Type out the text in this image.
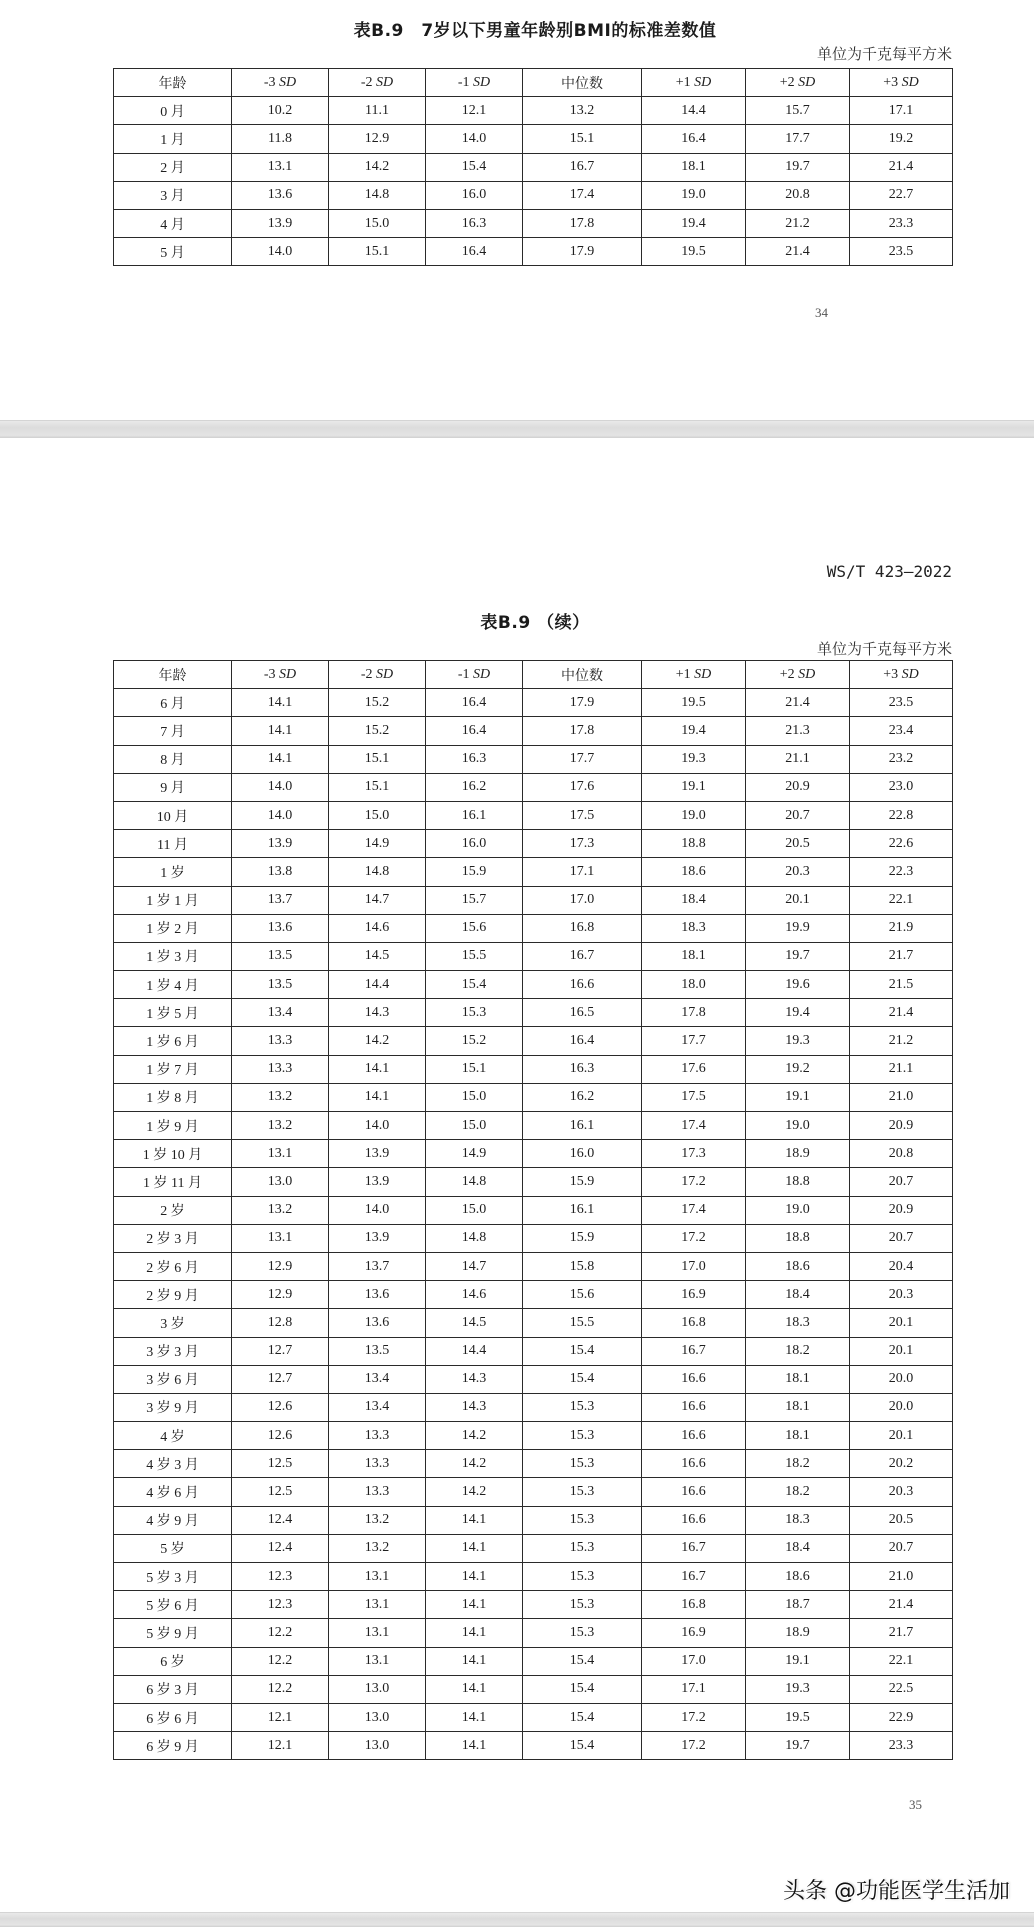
表B.9　7岁以下男童年龄别BMI的标准差数值
单位为千克每平方米
年龄	-3 SD	-2 SD	-1 SD	中位数	+1 SD	+2 SD	+3 SD
0 月	10.2	11.1	12.1	13.2	14.4	15.7	17.1
1 月	11.8	12.9	14.0	15.1	16.4	17.7	19.2
2 月	13.1	14.2	15.4	16.7	18.1	19.7	21.4
3 月	13.6	14.8	16.0	17.4	19.0	20.8	22.7
4 月	13.9	15.0	16.3	17.8	19.4	21.2	23.3
5 月	14.0	15.1	16.4	17.9	19.5	21.4	23.5
34
WS/T 423—2022
表B.9 （续）
单位为千克每平方米
年龄	-3 SD	-2 SD	-1 SD	中位数	+1 SD	+2 SD	+3 SD
6 月	14.1	15.2	16.4	17.9	19.5	21.4	23.5
7 月	14.1	15.2	16.4	17.8	19.4	21.3	23.4
8 月	14.1	15.1	16.3	17.7	19.3	21.1	23.2
9 月	14.0	15.1	16.2	17.6	19.1	20.9	23.0
10 月	14.0	15.0	16.1	17.5	19.0	20.7	22.8
11 月	13.9	14.9	16.0	17.3	18.8	20.5	22.6
1 岁	13.8	14.8	15.9	17.1	18.6	20.3	22.3
1 岁 1 月	13.7	14.7	15.7	17.0	18.4	20.1	22.1
1 岁 2 月	13.6	14.6	15.6	16.8	18.3	19.9	21.9
1 岁 3 月	13.5	14.5	15.5	16.7	18.1	19.7	21.7
1 岁 4 月	13.5	14.4	15.4	16.6	18.0	19.6	21.5
1 岁 5 月	13.4	14.3	15.3	16.5	17.8	19.4	21.4
1 岁 6 月	13.3	14.2	15.2	16.4	17.7	19.3	21.2
1 岁 7 月	13.3	14.1	15.1	16.3	17.6	19.2	21.1
1 岁 8 月	13.2	14.1	15.0	16.2	17.5	19.1	21.0
1 岁 9 月	13.2	14.0	15.0	16.1	17.4	19.0	20.9
1 岁 10 月	13.1	13.9	14.9	16.0	17.3	18.9	20.8
1 岁 11 月	13.0	13.9	14.8	15.9	17.2	18.8	20.7
2 岁	13.2	14.0	15.0	16.1	17.4	19.0	20.9
2 岁 3 月	13.1	13.9	14.8	15.9	17.2	18.8	20.7
2 岁 6 月	12.9	13.7	14.7	15.8	17.0	18.6	20.4
2 岁 9 月	12.9	13.6	14.6	15.6	16.9	18.4	20.3
3 岁	12.8	13.6	14.5	15.5	16.8	18.3	20.1
3 岁 3 月	12.7	13.5	14.4	15.4	16.7	18.2	20.1
3 岁 6 月	12.7	13.4	14.3	15.4	16.6	18.1	20.0
3 岁 9 月	12.6	13.4	14.3	15.3	16.6	18.1	20.0
4 岁	12.6	13.3	14.2	15.3	16.6	18.1	20.1
4 岁 3 月	12.5	13.3	14.2	15.3	16.6	18.2	20.2
4 岁 6 月	12.5	13.3	14.2	15.3	16.6	18.2	20.3
4 岁 9 月	12.4	13.2	14.1	15.3	16.6	18.3	20.5
5 岁	12.4	13.2	14.1	15.3	16.7	18.4	20.7
5 岁 3 月	12.3	13.1	14.1	15.3	16.7	18.6	21.0
5 岁 6 月	12.3	13.1	14.1	15.3	16.8	18.7	21.4
5 岁 9 月	12.2	13.1	14.1	15.3	16.9	18.9	21.7
6 岁	12.2	13.1	14.1	15.4	17.0	19.1	22.1
6 岁 3 月	12.2	13.0	14.1	15.4	17.1	19.3	22.5
6 岁 6 月	12.1	13.0	14.1	15.4	17.2	19.5	22.9
6 岁 9 月	12.1	13.0	14.1	15.4	17.2	19.7	23.3
35
头条 @功能医学生活加
